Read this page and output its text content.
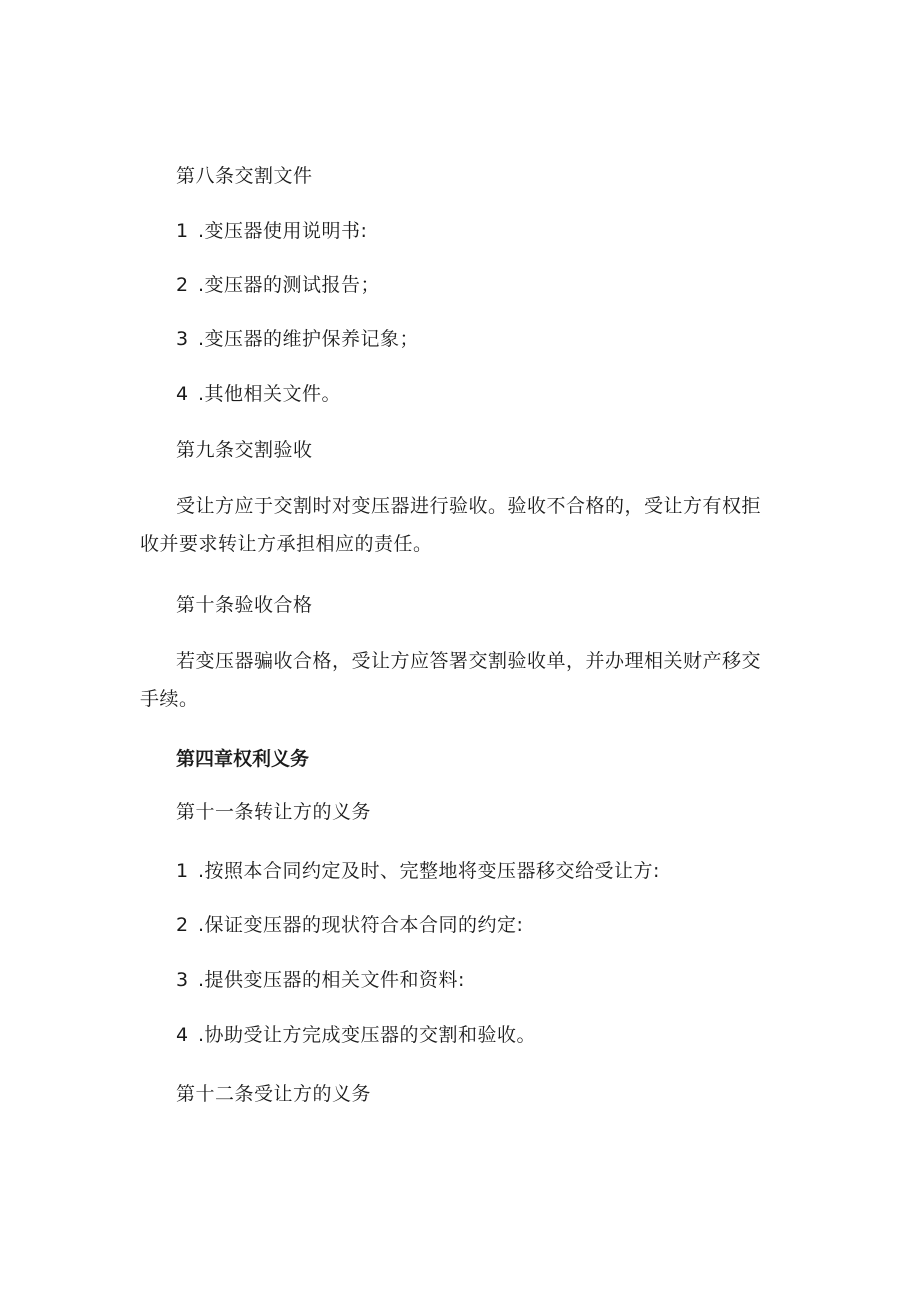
第八条交割文件

1 .变压器使用说明书:

2 .变压器的测试报告；

3 .变压器的维护保养记象；

4 .其他相关文件。

第九条交割验收

受让方应于交割时对变压器进行验收。验收不合格的，受让方有权拒收并要求转让方承担相应的责任。

第十条验收合格

若变压器骗收合格，受让方应答署交割验收单，并办理相关财产移交手续。

第四章权利义务

第十一条转让方的义务

1 .按照本合同约定及时、完整地将变压器移交给受让方:

2 .保证变压器的现状符合本合同的约定:

3 .提供变压器的相关文件和资料:

4 .协助受让方完成变压器的交割和验收。

第十二条受让方的义务
